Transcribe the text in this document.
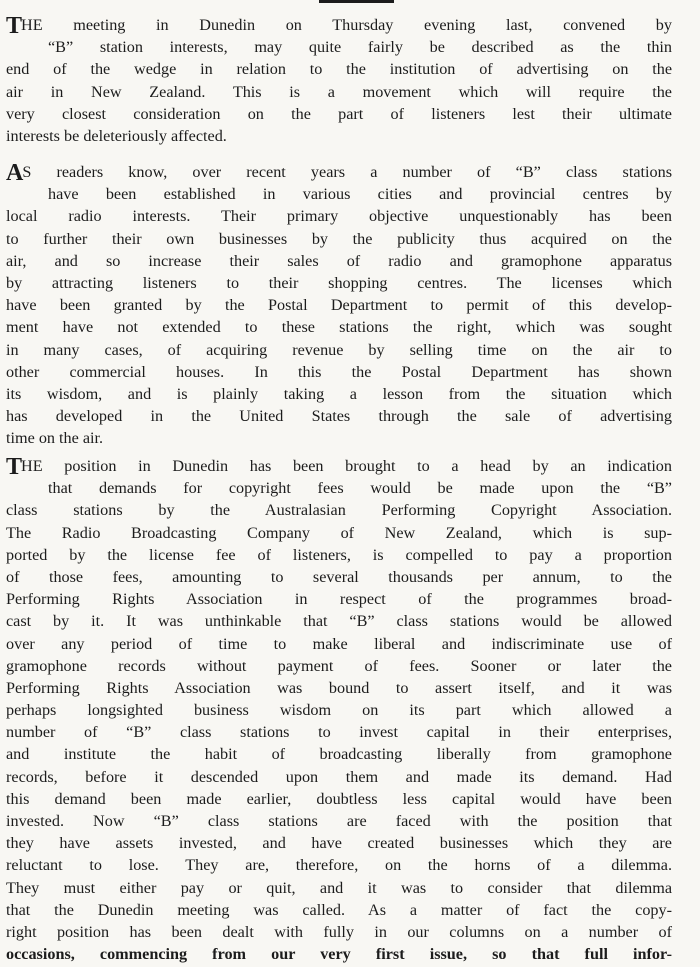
THE meeting in Dunedin on Thursday evening last, convened by
“B” station interests, may quite fairly be described as the thin
end of the wedge in relation to the institution of advertising on the
air in New Zealand. This is a movement which will require the
very closest consideration on the part of listeners lest their ultimate
interests be deleteriously affected.

AS readers know, over recent years a number of “B” class stations
have been established in various cities and provincial centres by
local radio interests. Their primary objective unquestionably has been
to further their own businesses by the publicity thus acquired on the
air, and so increase their sales of radio and gramophone apparatus
by attracting listeners to their shopping centres. The licenses which
have been granted by the Postal Department to permit of this develop-
ment have not extended to these stations the right, which was sought
in many cases, of acquiring revenue by selling time on the air to
other commercial houses. In this the Postal Department has shown
its wisdom, and is plainly taking a lesson from the situation which
has developed in the United States through the sale of advertising
time on the air.

THE position in Dunedin has been brought to a head by an indication
that demands for copyright fees would be made upon the “B”
class stations by the Australasian Performing Copyright Association.
The Radio Broadcasting Company of New Zealand, which is sup-
ported by the license fee of listeners, is compelled to pay a proportion
of those fees, amounting to several thousands per annum, to the
Performing Rights Association in respect of the programmes broad-
cast by it. It was unthinkable that “B” class stations would be allowed
over any period of time to make liberal and indiscriminate use of
gramophone records without payment of fees. Sooner or later the
Performing Rights Association was bound to assert itself, and it was
perhaps longsighted business wisdom on its part which allowed a
number of “B” class stations to invest capital in their enterprises,
and institute the habit of broadcasting liberally from gramophone
records, before it descended upon them and made its demand. Had
this demand been made earlier, doubtless less capital would have been
invested. Now “B” class stations are faced with the position that
they have assets invested, and have created businesses which they are
reluctant to lose. They are, therefore, on the horns of a dilemma.
They must either pay or quit, and it was to consider that dilemma
that the Dunedin meeting was called. As a matter of fact the copy-
right position has been dealt with fully in our columns on a number of
occasions, commencing from our very first issue, so that full infor-
